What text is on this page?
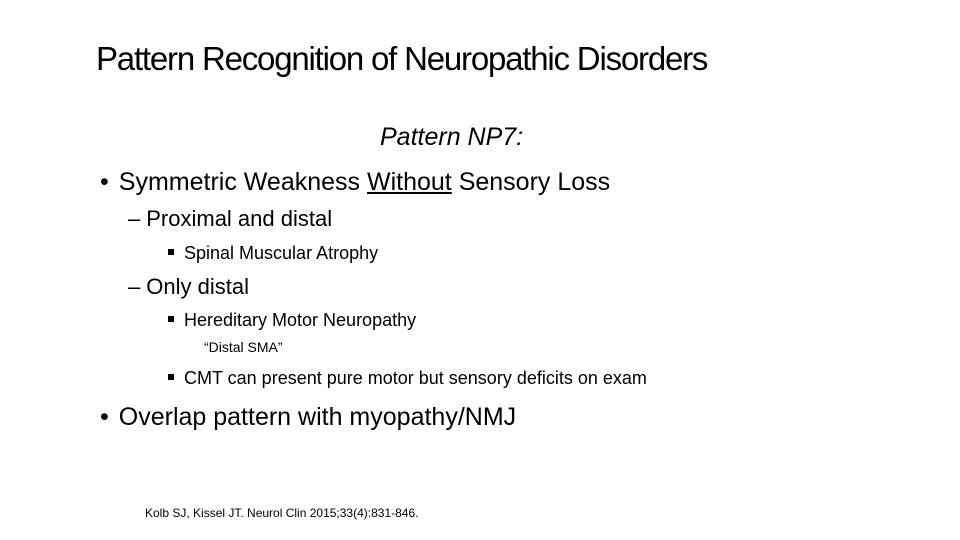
Pattern Recognition of Neuropathic Disorders
Pattern NP7:
• Symmetric Weakness Without Sensory Loss
– Proximal and distal
Spinal Muscular Atrophy
– Only distal
Hereditary Motor Neuropathy
“Distal SMA”
CMT can present pure motor but sensory deficits on exam
• Overlap pattern with myopathy/NMJ
Kolb SJ, Kissel JT. Neurol Clin 2015;33(4):831-846.
